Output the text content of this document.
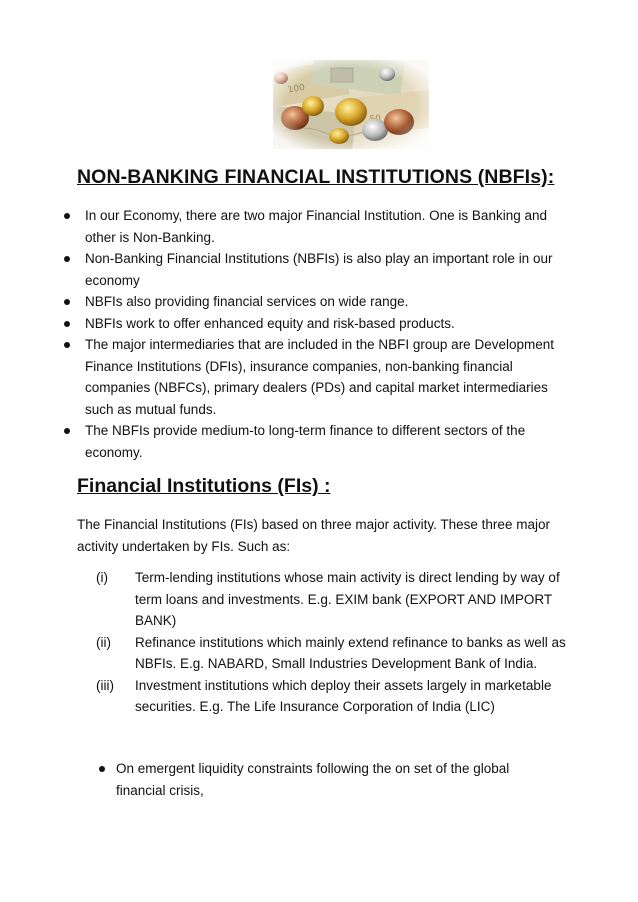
NON-BANKING FINANCIAL INSTITUTIONS (NBFIs):
In our Economy, there are two major Financial Institution. One is Banking and other is Non-Banking.
Non-Banking Financial Institutions (NBFIs) is also play an important role in our economy
NBFIs also providing financial services on wide range.
NBFIs work to offer enhanced equity and risk-based products.
The major intermediaries that are included in the NBFI group are Development Finance Institutions (DFIs), insurance companies, non-banking financial companies (NBFCs), primary dealers (PDs) and capital market intermediaries such as mutual funds.
The NBFIs provide medium-to long-term finance to different sectors of the economy.
Financial Institutions (FIs) :

The Financial Institutions (FIs) based on three major activity. These three major activity undertaken by FIs. Such as:

(i) Term-lending institutions whose main activity is direct lending by way of term loans and investments. E.g. EXIM bank (EXPORT AND IMPORT BANK)
(ii) Refinance institutions which mainly extend refinance to banks as well as NBFIs. E.g. NABARD, Small Industries Development Bank of India.
(iii) Investment institutions which deploy their assets largely in marketable securities. E.g. The Life Insurance Corporation of India (LIC)
On emergent liquidity constraints following the on set of the global financial crisis,
